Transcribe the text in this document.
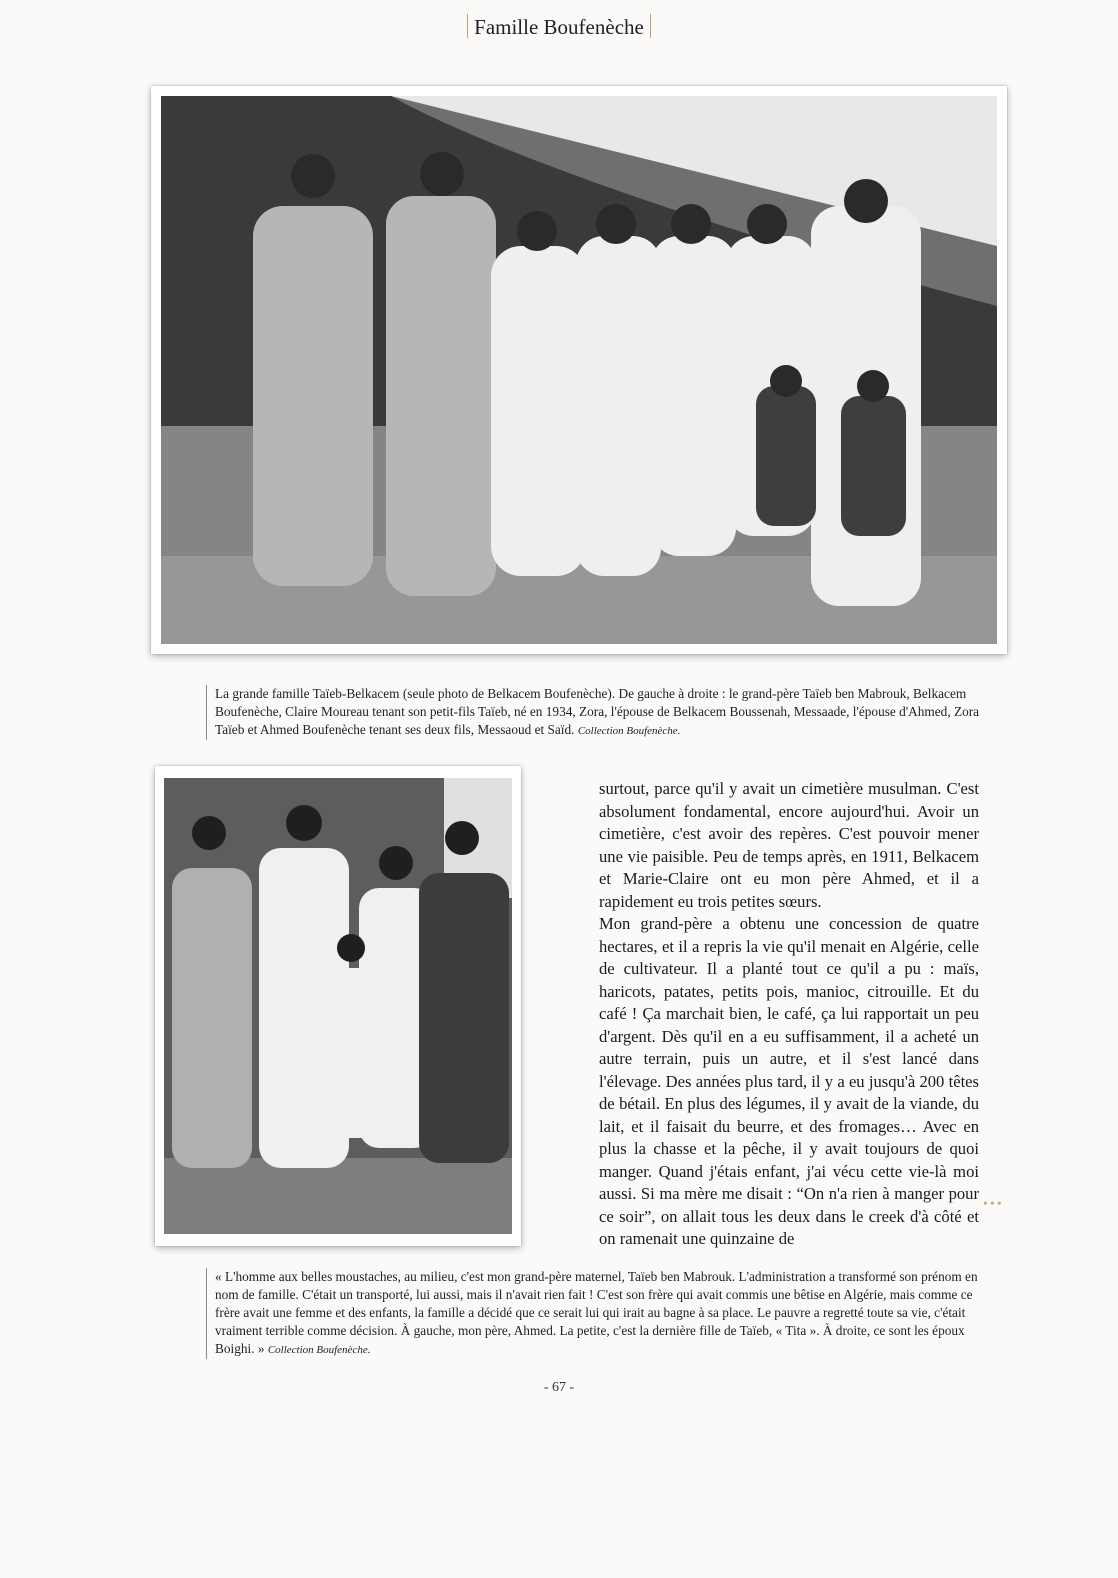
Famille Boufenèche
La grande famille Taïeb-Belkacem (seule photo de Belkacem Boufenèche). De gauche à droite : le grand-père Taïeb ben Mabrouk, Belkacem Boufenèche, Claire Moureau tenant son petit-fils Taïeb, né en 1934, Zora, l'épouse de Belkacem Boussenah, Messaade, l'épouse d'Ahmed, Zora Taïeb et Ahmed Boufenèche tenant ses deux fils, Messaoud et Saïd. Collection Boufenèche.

surtout, parce qu'il y avait un cimetière musulman. C'est absolument fondamental, encore aujourd'hui. Avoir un cimetière, c'est avoir des repères. C'est pouvoir mener une vie paisible. Peu de temps après, en 1911, Belkacem et Marie-Claire ont eu mon père Ahmed, et il a rapidement eu trois petites sœurs.

Mon grand-père a obtenu une concession de quatre hectares, et il a repris la vie qu'il menait en Algérie, celle de cultivateur. Il a planté tout ce qu'il a pu : maïs, haricots, patates, petits pois, manioc, citrouille. Et du café ! Ça marchait bien, le café, ça lui rapportait un peu d'argent. Dès qu'il en a eu suffisamment, il a acheté un autre terrain, puis un autre, et il s'est lancé dans l'élevage. Des années plus tard, il y a eu jusqu'à 200 têtes de bétail. En plus des légumes, il y avait de la viande, du lait, et il faisait du beurre, et des fromages… Avec en plus la chasse et la pêche, il y avait toujours de quoi manger. Quand j'étais enfant, j'ai vécu cette vie-là moi aussi. Si ma mère me disait : “On n'a rien à manger pour ce soir”, on allait tous les deux dans le creek d'à côté et on ramenait une quinzaine de

•••
« L'homme aux belles moustaches, au milieu, c'est mon grand-père maternel, Taïeb ben Mabrouk. L'administration a transformé son prénom en nom de famille. C'était un transporté, lui aussi, mais il n'avait rien fait ! C'est son frère qui avait commis une bêtise en Algérie, mais comme ce frère avait une femme et des enfants, la famille a décidé que ce serait lui qui irait au bagne à sa place. Le pauvre a regretté toute sa vie, c'était vraiment terrible comme décision. À gauche, mon père, Ahmed. La petite, c'est la dernière fille de Taïeb, « Tita ». À droite, ce sont les époux Boighi. » Collection Boufenèche.
- 67 -
